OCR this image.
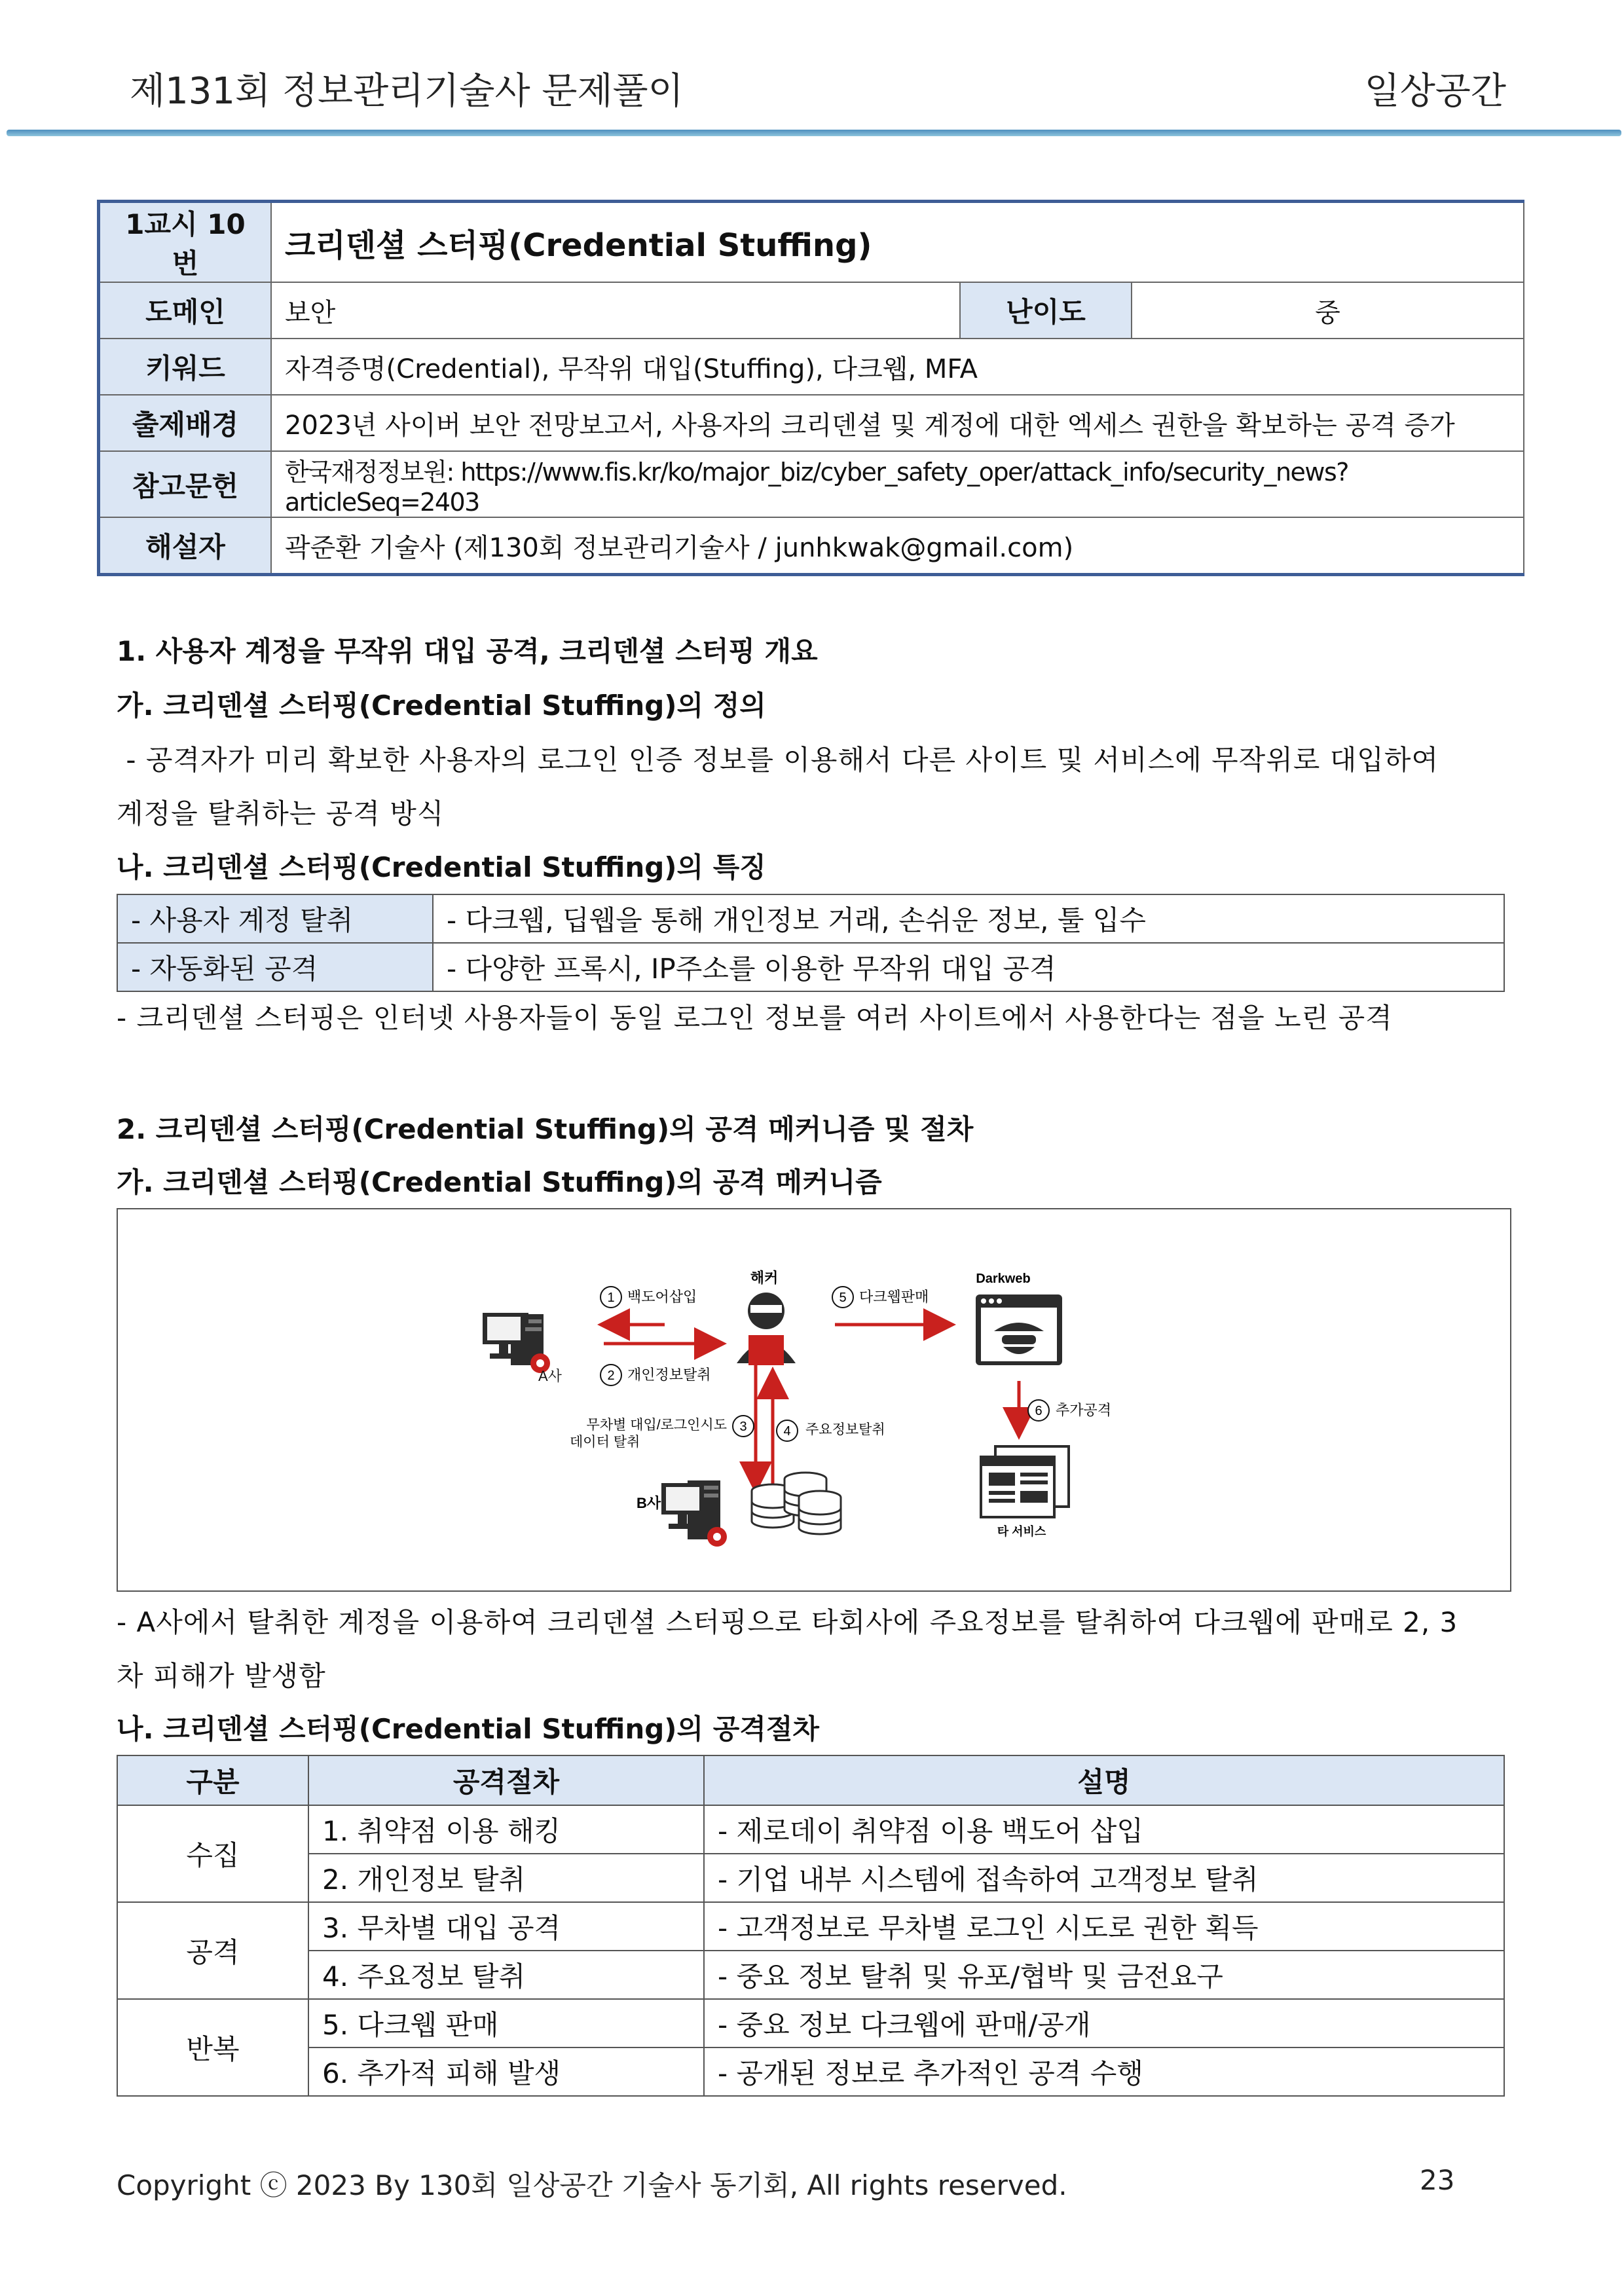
제131회 정보관리기술사 문제풀이	일상공간
1교시 10번	크리덴셜 스터핑(Credential Stuffing)		
도메인	보안	난이도	중
키워드	자격증명(Credential), 무작위 대입(Stuffing), 다크웹, MFA		
출제배경	2023년 사이버 보안 전망보고서, 사용자의 크리덴셜 및 계정에 대한 엑세스 권한을 확보하는 공격 증가		
참고문헌	한국재정정보원: https://www.fis.kr/ko/major_biz/cyber_safety_oper/attack_info/security_news?articleSeq=2403		
해설자	곽준환 기술사 (제130회 정보관리기술사 / junhkwak@gmail.com)		
1. 사용자 계정을 무작위 대입 공격, 크리덴셜 스터핑 개요
가. 크리덴셜 스터핑(Credential Stuffing)의 정의
- 공격자가 미리 확보한 사용자의 로그인 인증 정보를 이용해서 다른 사이트 및 서비스에 무작위로 대입하여
계정을 탈취하는 공격 방식
나. 크리덴셜 스터핑(Credential Stuffing)의 특징
- 사용자 계정 탈취	- 다크웹, 딥웹을 통해 개인정보 거래, 손쉬운 정보, 툴 입수
- 자동화된 공격	- 다양한 프록시, IP주소를 이용한 무작위 대입 공격
- 크리덴셜 스터핑은 인터넷 사용자들이 동일 로그인 정보를 여러 사이트에서 사용한다는 점을 노린 공격
2. 크리덴셜 스터핑(Credential Stuffing)의 공격 메커니즘 및 절차
가. 크리덴셜 스터핑(Credential Stuffing)의 공격 메커니즘
A사
1 백도어삽입
2 개인정보탈취
해커
5 다크웹판매
Darkweb
6 추가공격
타 서비스
3
무차별 대입/로그인시도
데이터 탈취
4 주요정보탈취
B사
- A사에서 탈취한 계정을 이용하여 크리덴셜 스터핑으로 타회사에 주요정보를 탈취하여 다크웹에 판매로 2, 3
차 피해가 발생함
나. 크리덴셜 스터핑(Credential Stuffing)의 공격절차
구분	공격절차	설명
수집	1. 취약점 이용 해킹	- 제로데이 취약점 이용 백도어 삽입
	2. 개인정보 탈취	- 기업 내부 시스템에 접속하여 고객정보 탈취
공격	3. 무차별 대입 공격	- 고객정보로 무차별 로그인 시도로 권한 획득
	4. 주요정보 탈취	- 중요 정보 탈취 및 유포/협박 및 금전요구
반복	5. 다크웹 판매	- 중요 정보 다크웹에 판매/공개
	6. 추가적 피해 발생	- 공개된 정보로 추가적인 공격 수행
Copyright ⓒ 2023 By 130회 일상공간 기술사 동기회, All rights reserved.	23
